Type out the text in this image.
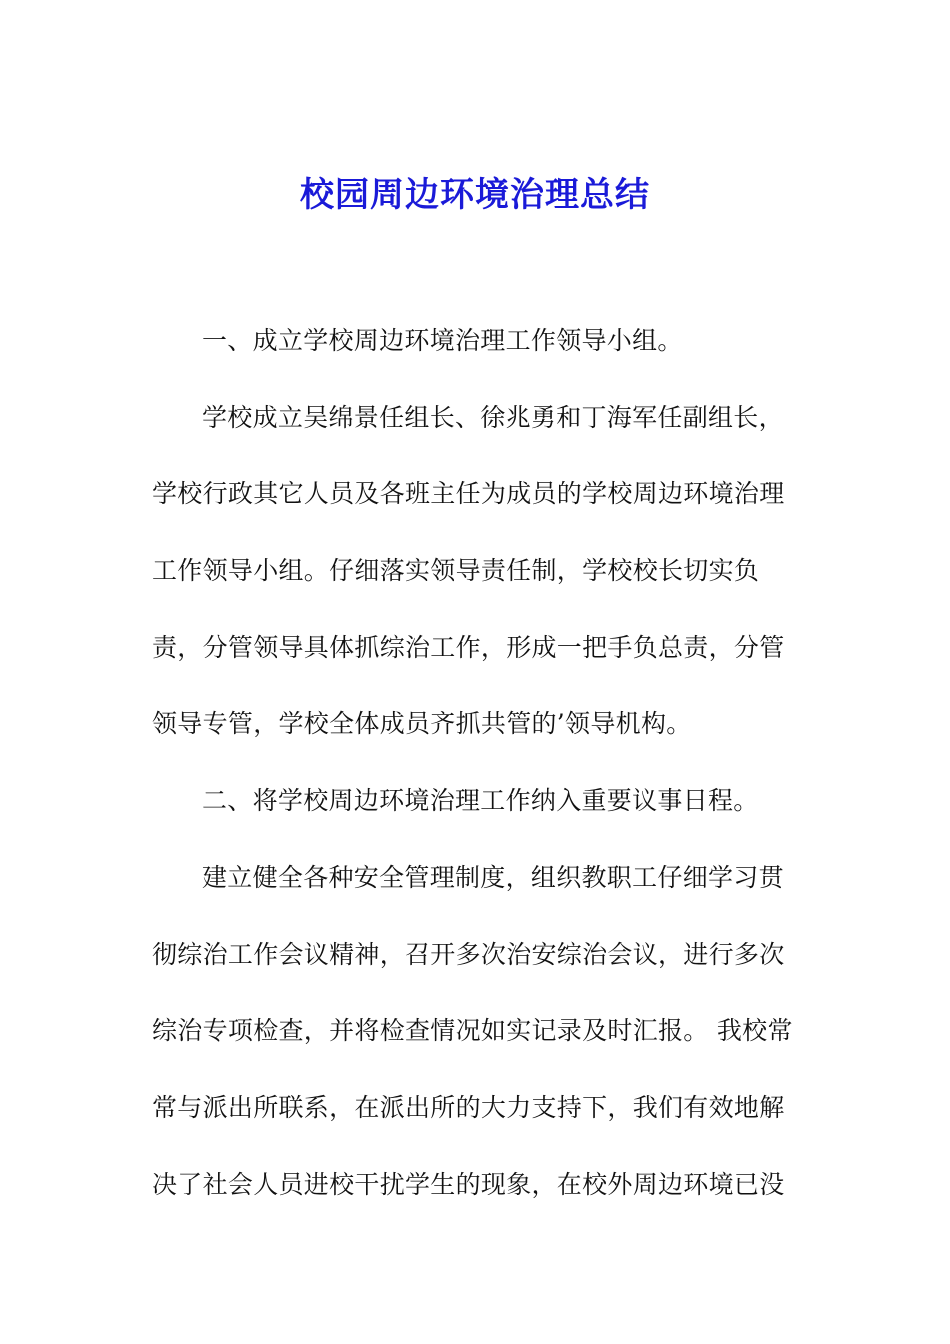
校园周边环境治理总结
一、成立学校周边环境治理工作领导小组。
学校成立吴绵景任组长、徐兆勇和丁海军任副组长，
学校行政其它人员及各班主任为成员的学校周边环境治理
工作领导小组。仔细落实领导责任制，学校校长切实负
责，分管领导具体抓综治工作，形成一把手负总责，分管
领导专管，学校全体成员齐抓共管的’领导机构。
二、将学校周边环境治理工作纳入重要议事日程。
建立健全各种安全管理制度，组织教职工仔细学习贯
彻综治工作会议精神，召开多次治安综治会议，进行多次
综治专项检查，并将检查情况如实记录及时汇报。 我校常
常与派出所联系，在派出所的大力支持下，我们有效地解
决了社会人员进校干扰学生的现象，在校外周边环境已没
